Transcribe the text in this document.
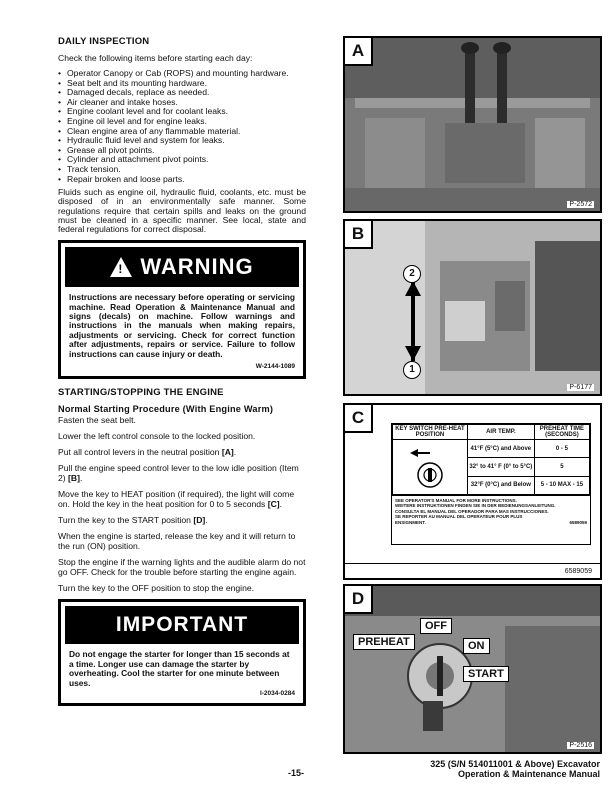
DAILY INSPECTION
Check the following items before starting each day:
• Operator Canopy or Cab (ROPS) and mounting hardware.
• Seat belt and its mounting hardware.
• Damaged decals, replace as needed.
• Air cleaner and intake hoses.
• Engine coolant level and for coolant leaks.
• Engine oil level and for engine leaks.
• Clean engine area of any flammable material.
• Hydraulic fluid level and system for leaks.
• Grease all pivot points.
• Cylinder and attachment pivot points.
• Track tension.
• Repair broken and loose parts.
Fluids such as engine oil, hydraulic fluid, coolants, etc. must be disposed of in an environmentally safe manner. Some regulations require that certain spills and leaks on the ground must be cleaned in a specific manner. See local, state and federal regulations for correct disposal.
! WARNING
Instructions are necessary before operating or servicing machine. Read Operation & Maintenance Manual and signs (decals) on machine. Follow warnings and instructions in the manuals when making repairs, adjustments or servicing. Check for correct function after adjustments, repairs or service. Failure to follow instructions can cause injury or death.
W-2144-1089
STARTING/STOPPING THE ENGINE
Normal Starting Procedure (With Engine Warm)
Fasten the seat belt.
Lower the left control console to the locked position.
Put all control levers in the neutral position [A].
Pull the engine speed control lever to the low idle position (Item 2) [B].
Move the key to HEAT position (if required), the light will come on. Hold the key in the heat position for 0 to 5 seconds [C].
Turn the key to the START position [D].
When the engine is started, release the key and it will return to the run (ON) position.
Stop the engine if the warning lights and the audible alarm do not go OFF. Check for the trouble before starting the engine again.
Turn the key to the OFF position to stop the engine.
IMPORTANT
Do not engage the starter for longer than 15 seconds at a time. Longer use can damage the starter by overheating. Cool the starter for one minute between uses.
I-2034-0284
A
P-2572
2
1
B
P-6177
C
KEY SWITCH PRE-HEAT POSITION	AIR TEMP.	PREHEAT TIME (SECONDS)
	41°F (5°C) and Above	0 - 5
	32° to 41° F (0° to 5°C)	5
	32°F (0°C) and Below	5 - 10 MAX - 15
SEE OPERATOR'S MANUAL FOR MORE INSTRUCTIONS.
WEITERE INSTRUKTIONEN FINDEN SIE IN DER BEDIENUNGSANLEITUNG.
CONSULTA EL MANUAL DEL OPERADOR PARA MAS INSTRUCCIONES.
SE REPORTER AU MANUAL DEL OPERATEUR POUR PLUS
ENSIGNMENT.	6589059
6589059
OFF
PREHEAT	ON
START
D
P-2516
-15-
325 (S/N 514011001 & Above) Excavator
Operation & Maintenance Manual
